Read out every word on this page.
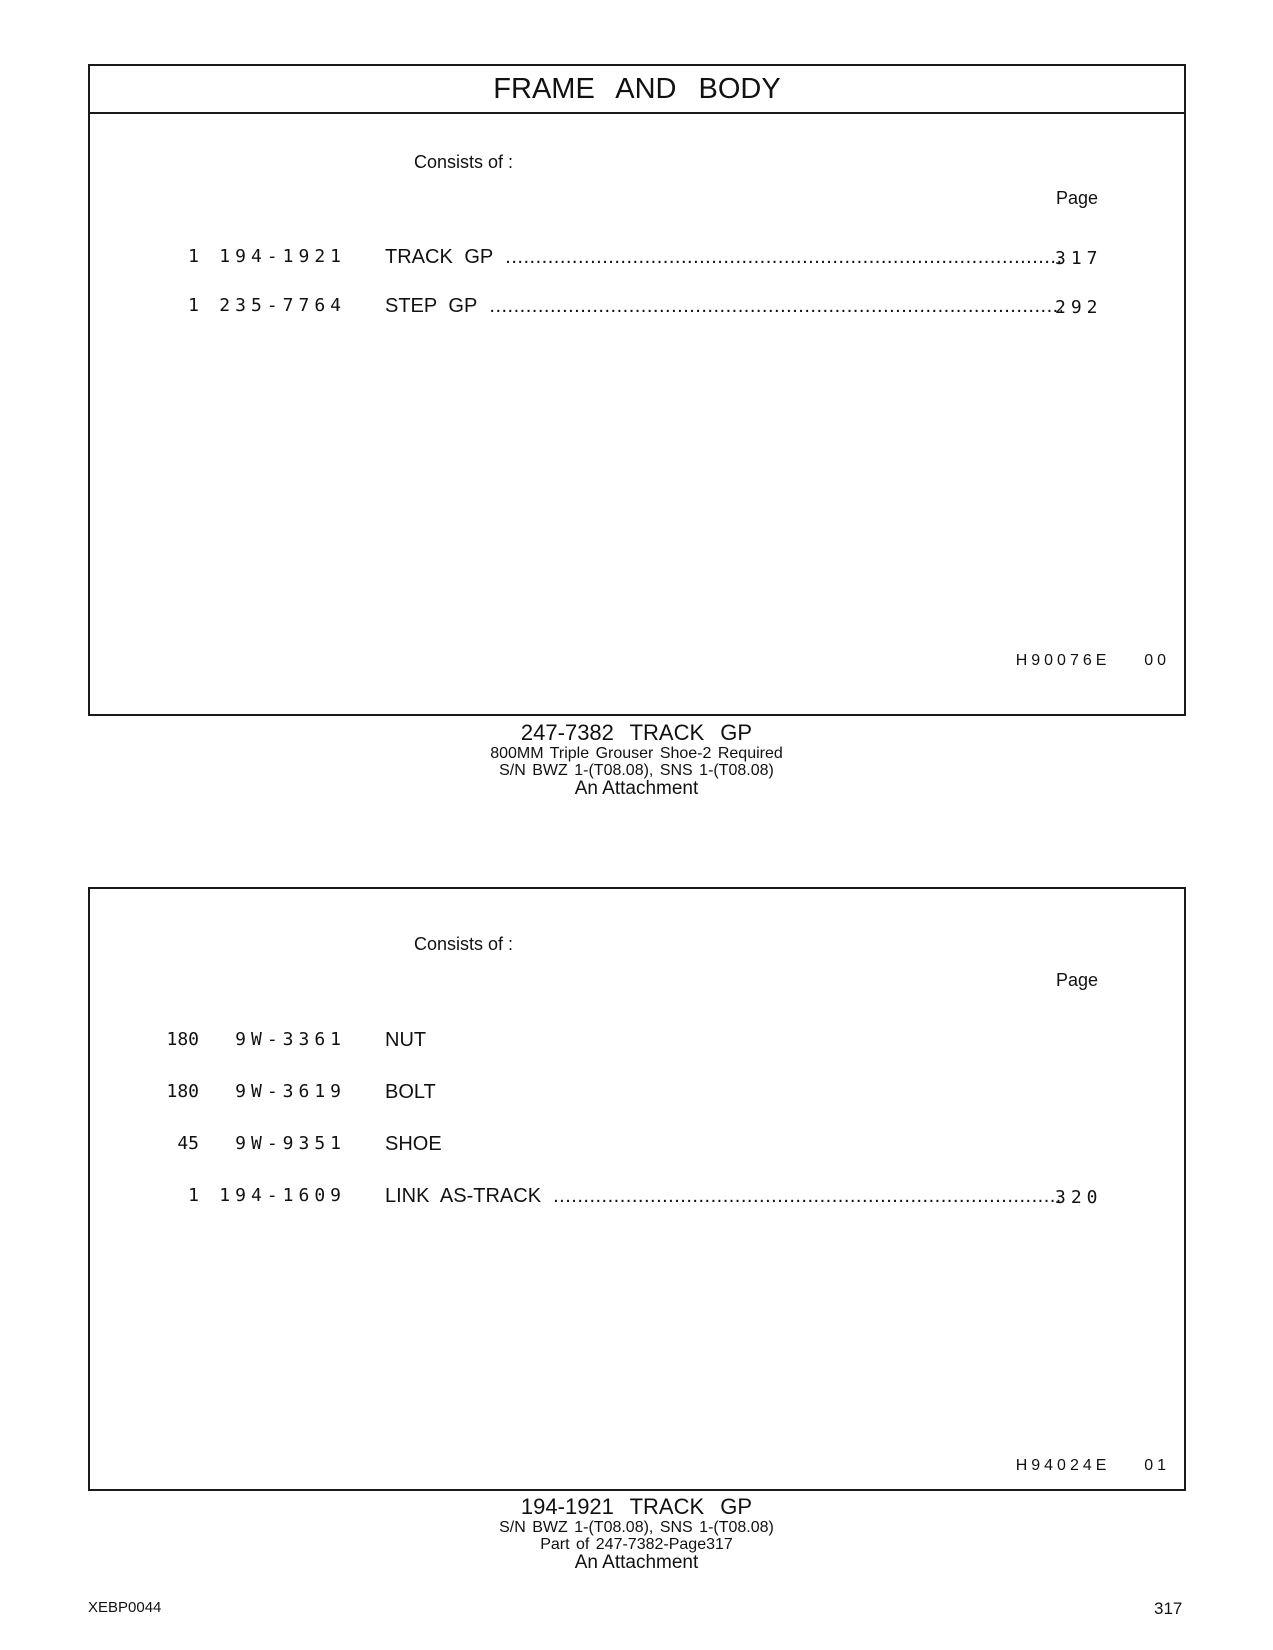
FRAME AND BODY
Consists of :
Page
1 194-1921 TRACK GP .....	317
1 235-7764 STEP GP .....	292
H90076E    00
247-7382 TRACK GP
800MM Triple Grouser Shoe-2 Required
S/N BWZ 1-(T08.08), SNS 1-(T08.08)
An Attachment
Consists of :
Page
180 9W-3361 NUT
180 9W-3619 BOLT
45 9W-9351 SHOE
1 194-1609 LINK AS-TRACK .....	320
H94024E    01
194-1921 TRACK GP
S/N BWZ 1-(T08.08), SNS 1-(T08.08)
Part of 247-7382-Page317
An Attachment
XEBP0044	317
